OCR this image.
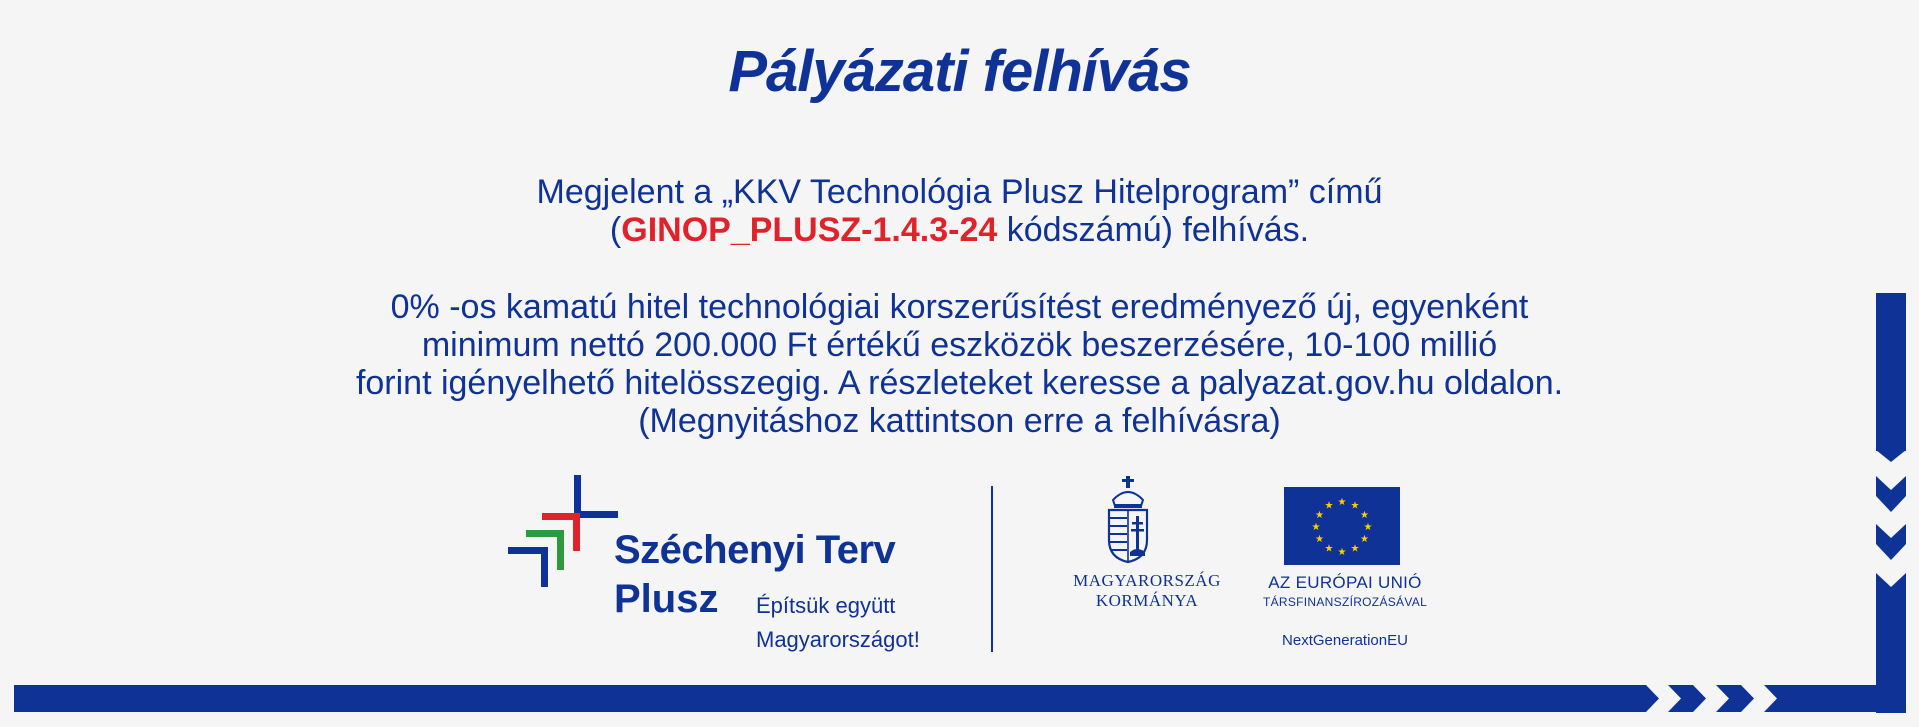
Pályázati felhívás
Megjelent a „KKV Technológia Plusz Hitelprogram” című
(GINOP_PLUSZ-1.4.3-24 kódszámú) felhívás.
0% -os kamatú hitel technológiai korszerűsítést eredményező új, egyenként
minimum nettó 200.000 Ft értékű eszközök beszerzésére, 10-100 millió
forint igényelhető hitelösszegig. A részleteket keresse a palyazat.gov.hu oldalon.
(Megnyitáshoz kattintson erre a felhívásra)
Széchenyi Terv
Plusz Építsük együtt
Magyarországot!
MAGYARORSZÁG
KORMÁNYA
★ ★
★
★
★
★
★
★
★
★
★
★
AZ EURÓPAI UNIÓ
TÁRSFINANSZÍROZÁSÁVAL
NextGenerationEU
